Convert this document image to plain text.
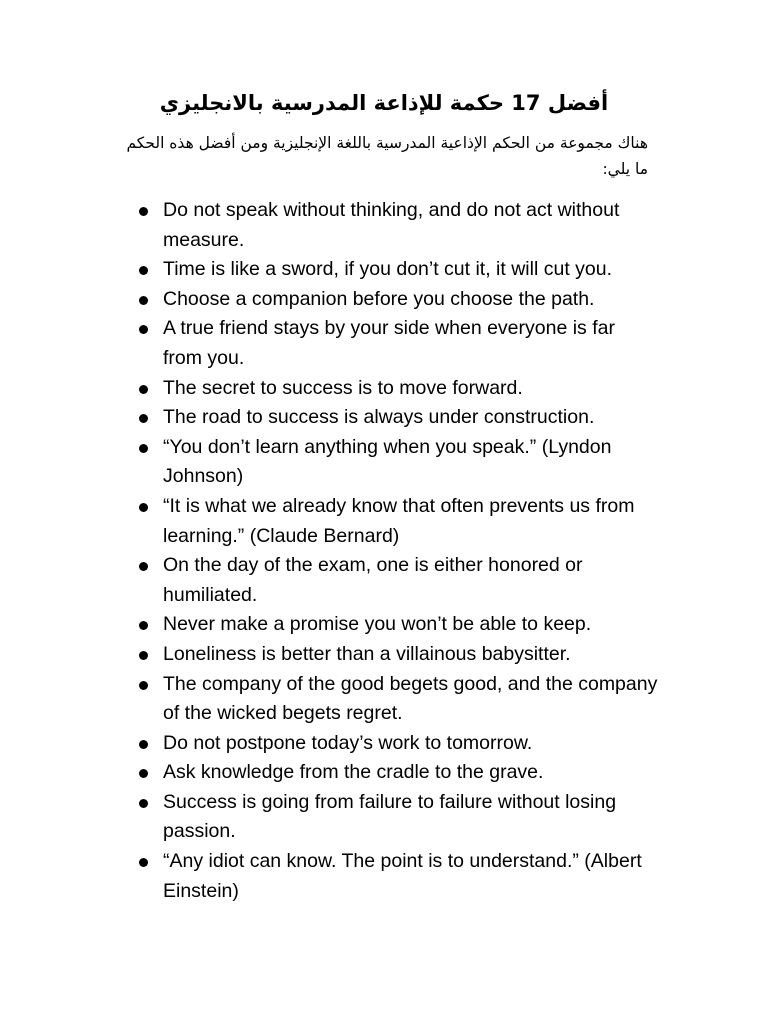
أفضل 17 حكمة للإذاعة المدرسية بالانجليزي

هناك مجموعة من الحكم الإذاعية المدرسية باللغة الإنجليزية ومن أفضل هذه الحكم ما يلي:

Do not speak without thinking, and do not act without measure.
Time is like a sword, if you don’t cut it, it will cut you.
Choose a companion before you choose the path.
A true friend stays by your side when everyone is far from you.
The secret to success is to move forward.
The road to success is always under construction.
“You don’t learn anything when you speak.” (Lyndon Johnson)
“It is what we already know that often prevents us from learning.” (Claude Bernard)
On the day of the exam, one is either honored or humiliated.
Never make a promise you won’t be able to keep.
Loneliness is better than a villainous babysitter.
The company of the good begets good, and the company of the wicked begets regret.
Do not postpone today’s work to tomorrow.
Ask knowledge from the cradle to the grave.
Success is going from failure to failure without losing passion.
“Any idiot can know. The point is to understand.” (Albert Einstein)
